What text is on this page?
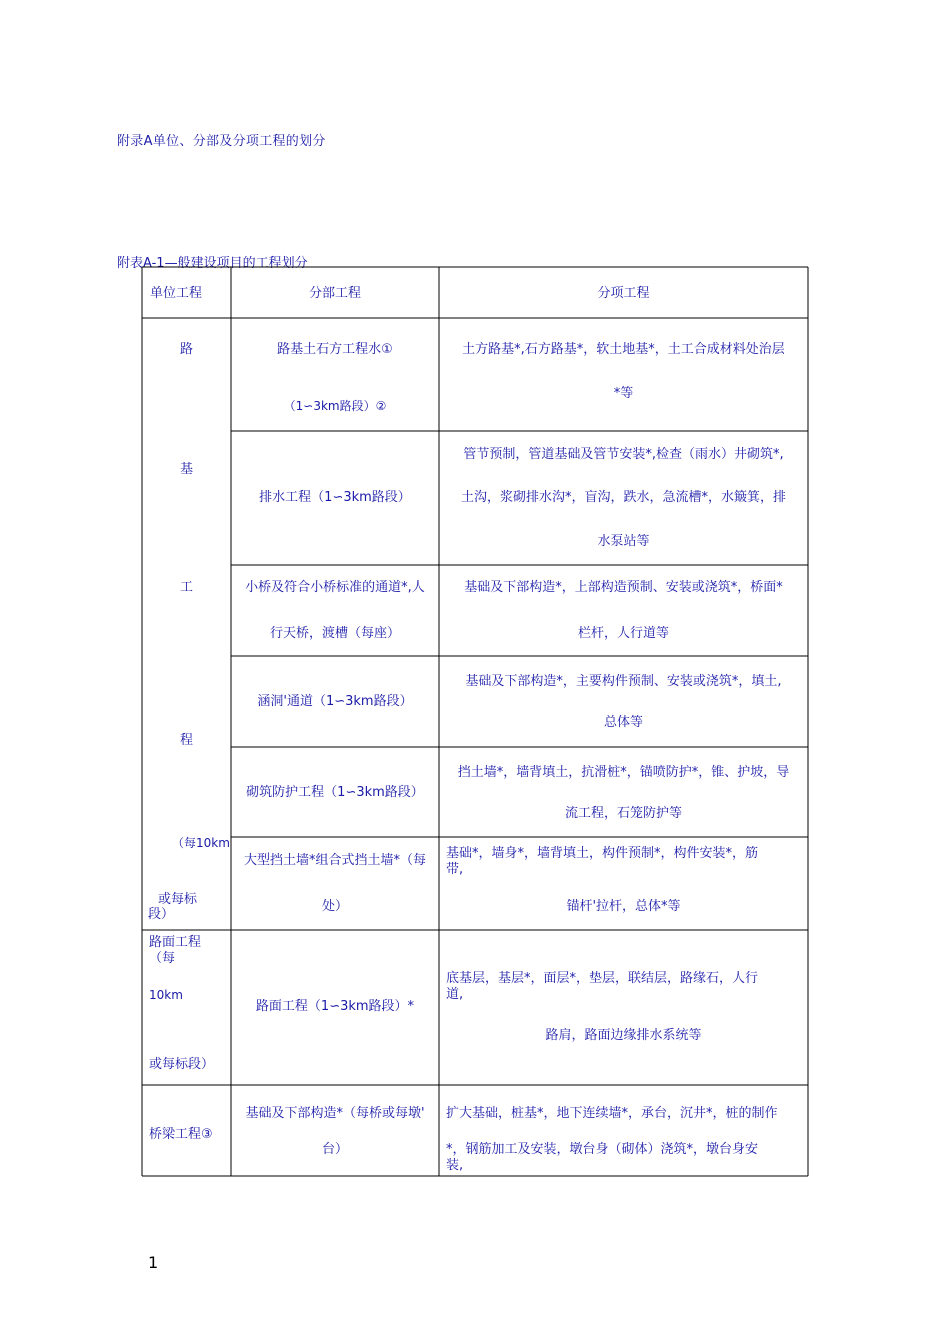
附录A单位、分部及分项工程的划分
附表A-1—般建设项目的工程划分
单位工程	分部工程	分项工程
路
基
工
程
（每10km
或每标
段）
路基土石方工程水①
（1∽3km路段）②
土方路基*,石方路基*，软土地基*，土工合成材料处治层
*等
排水工程（1∽3km路段）
管节预制，管道基础及管节安装*,检查（雨水）井砌筑*,
土沟，浆砌排水沟*，盲沟，跌水，急流槽*，水簸箕，排
水泵站等
小桥及符合小桥标准的通道*,人
行天桥，渡槽（每座）
基础及下部构造*，上部构造预制、安装或浇筑*，桥面*
栏杆，人行道等
涵洞'通道（1∽3km路段）
基础及下部构造*，主要构件预制、安装或浇筑*，填土,
总体等
砌筑防护工程（1∽3km路段）
挡土墙*，墙背填土，抗滑桩*，锚喷防护*，锥、护坡，导
流工程，石笼防护等
大型挡土墙*组合式挡土墙*（每
处）
基础*，墙身*，墙背填土，构件预制*，构件安装*，筋
带,
锚杆'拉杆，总体*等
路面工程
（每
10km
或每标段）
路面工程（1∽3km路段）*
底基层，基层*，面层*，垫层，联结层，路缘石，人行
道,
路肩，路面边缘排水系统等
桥梁工程③
基础及下部构造*（每桥或每墩'
台）
扩大基础，桩基*，地下连续墙*，承台，沉井*，桩的制作
*，钢筋加工及安装，墩台身（砌体）浇筑*，墩台身安
装,
1
